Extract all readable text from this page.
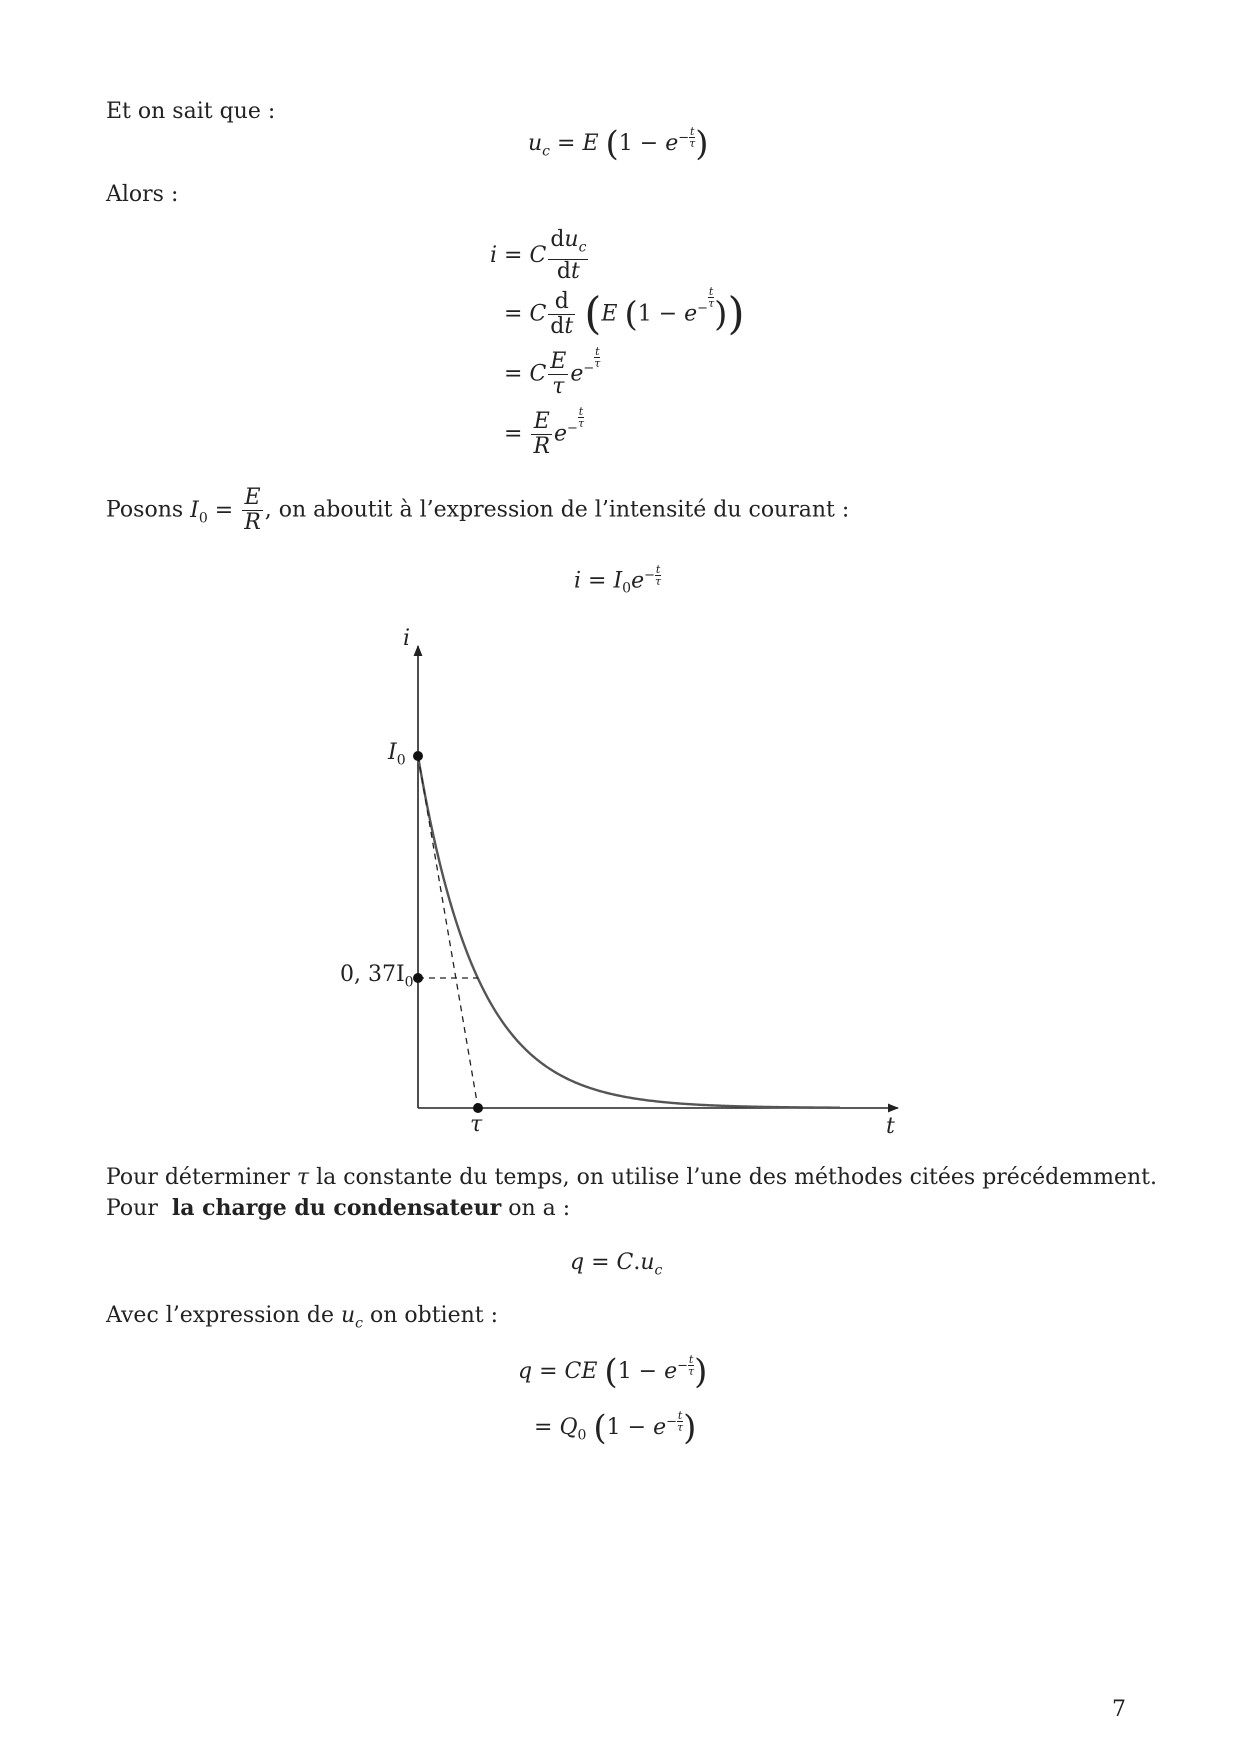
Et on sait que :
$u_c = E$ ($1 - e^- \frac{t}{\tau}$ )
Alors :
i = C $\frac{du_c}{dt}$
= C $\frac{d}{dt} (E$ ($1 - e^- \frac{t}{\tau}$ ))
= C $\frac{E}{\tau} e^- \frac{t}{\tau}$
= $\frac{E}{R} e^- \frac{t}{\tau}$
Posons $I_0 = \frac{E}{R}$ , on aboutit à l’expression de l’intensité du courant :
$i = I_0e^- \frac{t}{\tau}$
i
t
$I_0$
0, $37I_0$
τ
Pour déterminer τ la constante du temps, on utilise l’une des méthodes citées précédemment.
Pour la charge du condensateur on a :
$q = C.u_c$
Avec l’expression de $u_c$ on obtient :
q = CE ($1 - e^- \frac{t}{\tau}$ )
= $Q_0$ ($1 - e^- \frac{t}{\tau}$ )
7
